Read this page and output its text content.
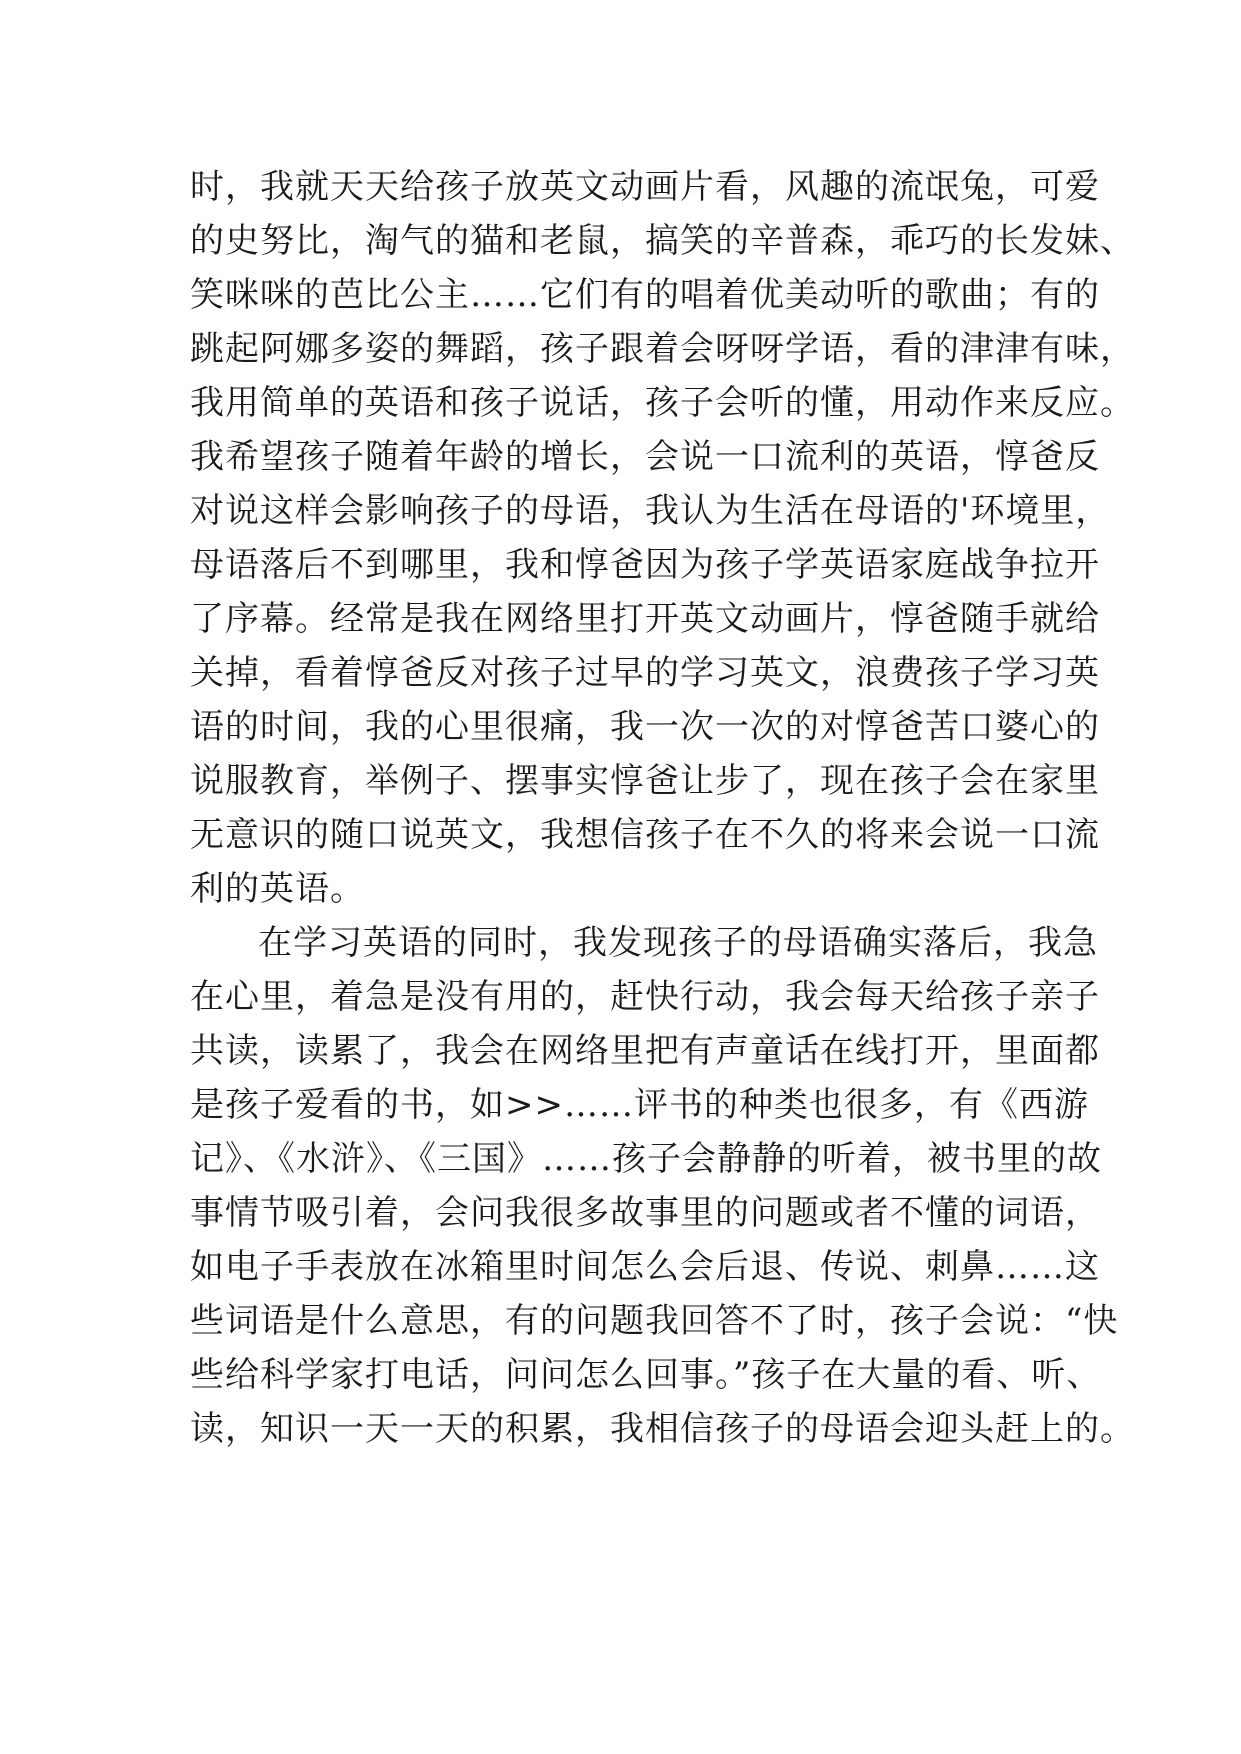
时，我就天天给孩子放英文动画片看，风趣的流氓兔，可爱
的史努比，淘气的猫和老鼠，搞笑的辛普森，乖巧的长发妹、
笑咪咪的芭比公主……它们有的唱着优美动听的歌曲；有的
跳起阿娜多姿的舞蹈，孩子跟着会呀呀学语，看的津津有味，
我用简单的英语和孩子说话，孩子会听的懂，用动作来反应。
我希望孩子随着年龄的增长，会说一口流利的英语，惇爸反
对说这样会影响孩子的母语，我认为生活在母语的'环境里，
母语落后不到哪里，我和惇爸因为孩子学英语家庭战争拉开
了序幕。经常是我在网络里打开英文动画片，惇爸随手就给
关掉，看着惇爸反对孩子过早的学习英文，浪费孩子学习英
语的时间，我的心里很痛，我一次一次的对惇爸苦口婆心的
说服教育，举例子、摆事实惇爸让步了，现在孩子会在家里
无意识的随口说英文，我想信孩子在不久的将来会说一口流
利的英语。
在学习英语的同时，我发现孩子的母语确实落后，我急
在心里，着急是没有用的，赶快行动，我会每天给孩子亲子
共读，读累了，我会在网络里把有声童话在线打开，里面都
是孩子爱看的书，如>>……评书的种类也很多，有《西游
记》、《水浒》、《三国》……孩子会静静的听着，被书里的故
事情节吸引着，会问我很多故事里的问题或者不懂的词语，
如电子手表放在冰箱里时间怎么会后退、传说、刺鼻……这
些词语是什么意思，有的问题我回答不了时，孩子会说：“快
些给科学家打电话，问问怎么回事。”孩子在大量的看、听、
读，知识一天一天的积累，我相信孩子的母语会迎头赶上的。
